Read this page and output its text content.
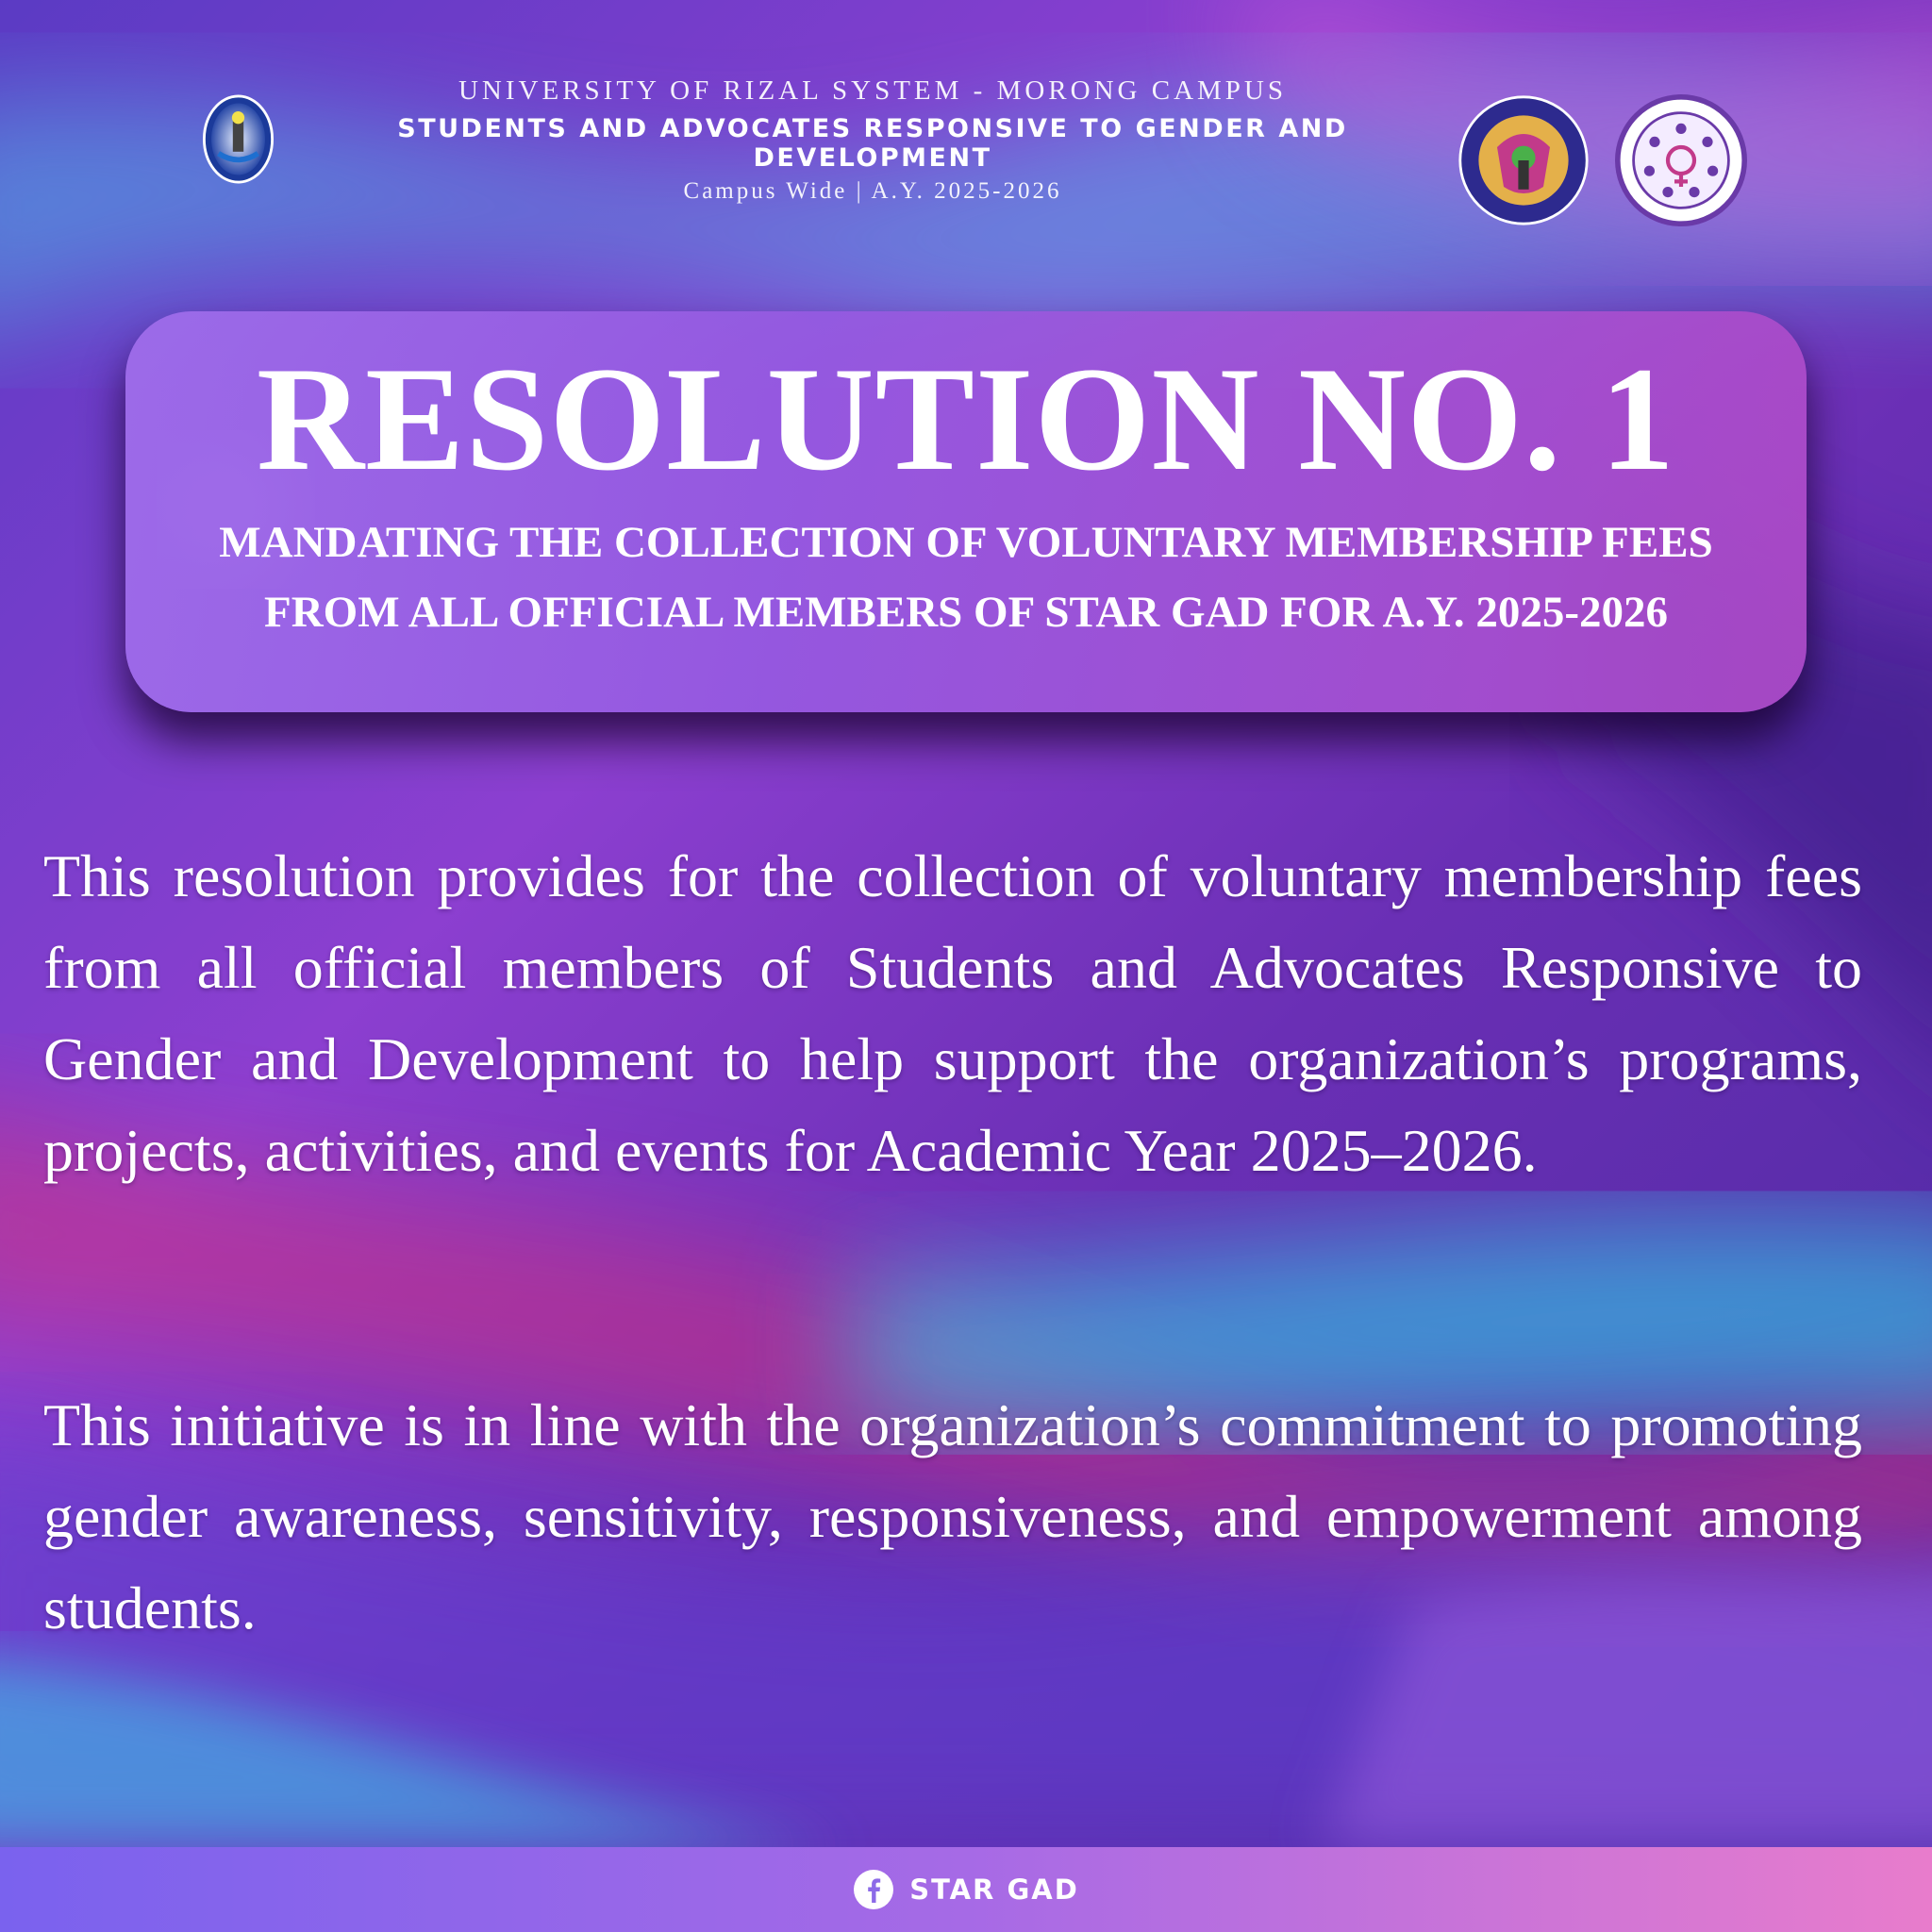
UNIVERSITY OF RIZAL SYSTEM - MORONG CAMPUS
STUDENTS AND ADVOCATES RESPONSIVE TO GENDER AND DEVELOPMENT
Campus Wide | A.Y. 2025-2026
RESOLUTION NO. 1
MANDATING THE COLLECTION OF VOLUNTARY MEMBERSHIP FEES FROM ALL OFFICIAL MEMBERS OF STAR GAD FOR A.Y. 2025-2026
This resolution provides for the collection of voluntary membership fees from all official members of Students and Advocates Responsive to Gender and Development to help support the organization’s programs, projects, activities, and events for Academic Year 2025–2026.
This initiative is in line with the organization’s commitment to promoting gender awareness, sensitivity, responsiveness, and empowerment among students.
STAR GAD
